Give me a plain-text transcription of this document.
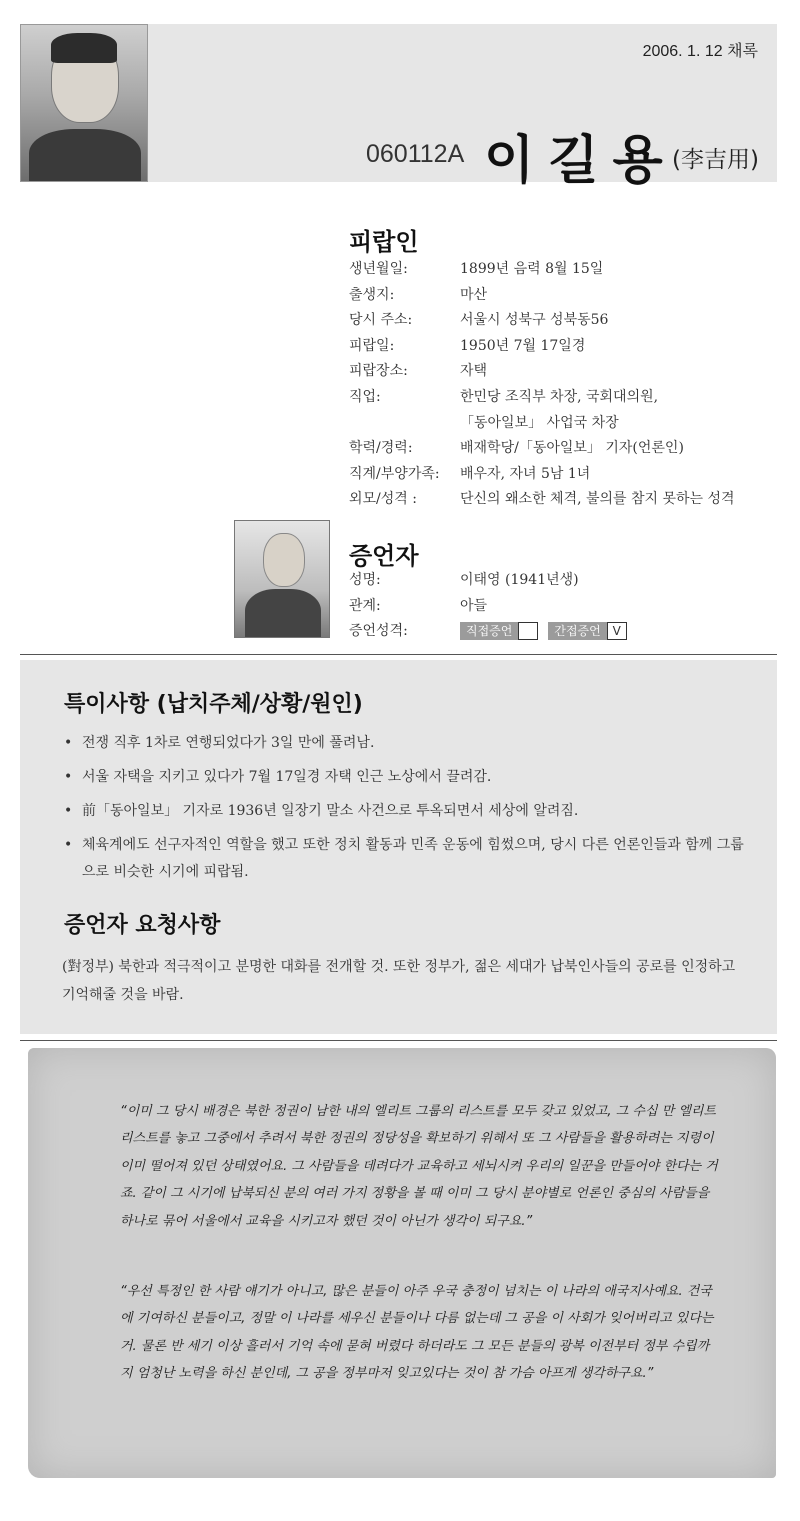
2006. 1. 12 채록
060112A 이길용
(李吉用)
피랍인
생년월일:	1899년 음력 8월 15일
출생지:	마산
당시 주소:	서울시 성북구 성북동56
피랍일:	1950년 7월 17일경
피랍장소:	자택
직업:	한민당 조직부 차장, 국회대의원,
「동아일보」 사업국 차장
학력/경력:	배재학당/「동아일보」 기자(언론인)
직계/부양가족:	배우자, 자녀 5남 1녀
외모/성격 :	단신의 왜소한 체격, 불의를 참지 못하는 성격
증언자
성명:	이태영 (1941년생)
관계:	아들
증언성격:	직접증언	간접증언 V
특이사항 (납치주체/상황/원인)
• 전쟁 직후 1차로 연행되었다가 3일 만에 풀려남.
• 서울 자택을 지키고 있다가 7월 17일경 자택 인근 노상에서 끌려감.
• 前「동아일보」 기자로 1936년 일장기 말소 사건으로 투옥되면서 세상에 알려짐.
• 체육계에도 선구자적인 역할을 했고 또한 정치 활동과 민족 운동에 힘썼으며, 당시 다른 언론인들과 함께 그룹으로 비슷한 시기에 피랍됨.
증언자 요청사항
(對정부) 북한과 적극적이고 분명한 대화를 전개할 것. 또한 정부가, 젊은 세대가 납북인사들의 공로를 인정하고 기억해줄 것을 바람.
“이미 그 당시 배경은 북한 정권이 남한 내의 엘리트 그룹의 리스트를 모두 갖고 있었고, 그 수십 만 엘리트 리스트를 놓고 그중에서 추려서 북한 정권의 정당성을 확보하기 위해서 또 그 사람들을 활용하려는 지령이 이미 떨어져 있던 상태였어요. 그 사람들을 데려다가 교육하고 세뇌시켜 우리의 일꾼을 만들어야 한다는 거죠. 같이 그 시기에 납북되신 분의 여러 가지 정황을 볼 때 이미 그 당시 분야별로 언론인 중심의 사람들을 하나로 묶어 서울에서 교육을 시키고자 했던 것이 아닌가 생각이 되구요.”
“우선 특정인 한 사람 얘기가 아니고, 많은 분들이 아주 우국 충정이 넘치는 이 나라의 애국지사예요. 건국에 기여하신 분들이고, 정말 이 나라를 세우신 분들이나 다름 없는데 그 공을 이 사회가 잊어버리고 있다는 거. 물론 반 세기 이상 흘러서 기억 속에 묻혀 버렸다 하더라도 그 모든 분들의 광복 이전부터 정부 수립까지 엄청난 노력을 하신 분인데, 그 공을 정부마저 잊고있다는 것이 참 가슴 아프게 생각하구요.”
